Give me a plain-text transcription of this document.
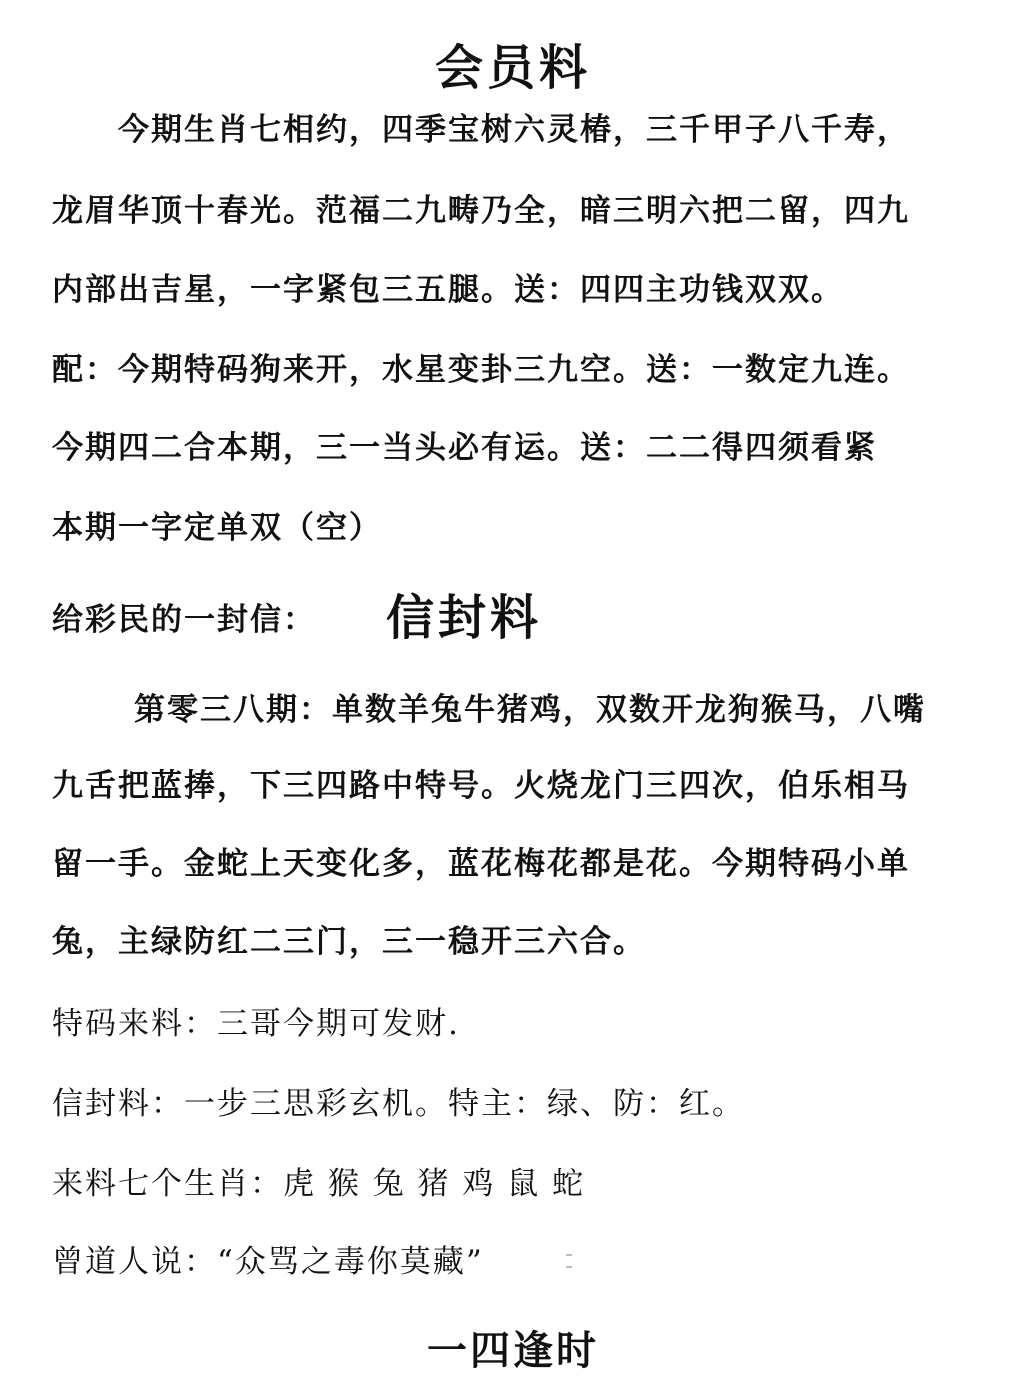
会员料
今期生肖七相约，四季宝树六灵椿，三千甲子八千寿，
龙眉华顶十春光。范福二九畴乃全，暗三明六把二留，四九
内部出吉星，一字紧包三五腿。送：四四主功钱双双。
配：今期特码狗来开，水星变卦三九空。送：一数定九连。
今期四二合本期，三一当头必有运。送：二二得四须看紧
本期一字定单双（空）
给彩民的一封信： 信封料
第零三八期：单数羊兔牛猪鸡，双数开龙狗猴马，八嘴
九舌把蓝捧，下三四路中特号。火烧龙门三四次，伯乐相马
留一手。金蛇上天变化多，蓝花梅花都是花。今期特码小单
兔，主绿防红二三门，三一稳开三六合。
特码来料：三哥今期可发财.
信封料：一步三思彩玄机。特主：绿、防：红。
来料七个生肖：虎 猴 兔 猪 鸡 鼠 蛇
曾道人说：“众骂之毒你莫藏”
一四逢时
